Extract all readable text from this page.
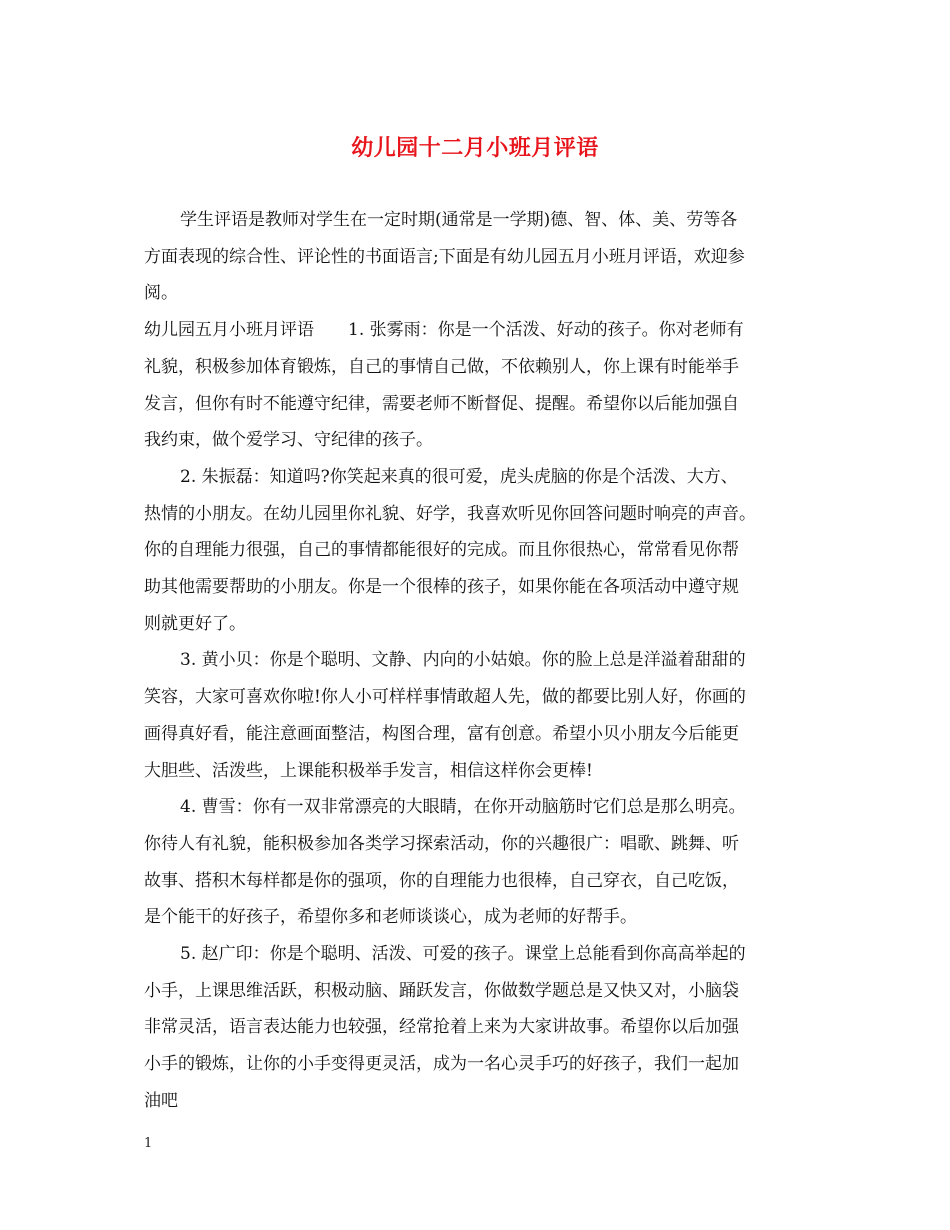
幼儿园十二月小班月评语
学生评语是教师对学生在一定时期(通常是一学期)德、智、体、美、劳等各
方面表现的综合性、评论性的书面语言;下面是有幼儿园五月小班月评语，欢迎参
阅。
幼儿园五月小班月评语　　1. 张雾雨：你是一个活泼、好动的孩子。你对老师有
礼貌，积极参加体育锻炼，自己的事情自己做，不依赖别人，你上课有时能举手
发言，但你有时不能遵守纪律，需要老师不断督促、提醒。希望你以后能加强自
我约束，做个爱学习、守纪律的孩子。
2. 朱振磊：知道吗?你笑起来真的很可爱，虎头虎脑的你是个活泼、大方、
热情的小朋友。在幼儿园里你礼貌、好学，我喜欢听见你回答问题时响亮的声音。
你的自理能力很强，自己的事情都能很好的完成。而且你很热心，常常看见你帮
助其他需要帮助的小朋友。你是一个很棒的孩子，如果你能在各项活动中遵守规
则就更好了。
3. 黄小贝：你是个聪明、文静、内向的小姑娘。你的脸上总是洋溢着甜甜的
笑容，大家可喜欢你啦!你人小可样样事情敢超人先，做的都要比别人好，你画的
画得真好看，能注意画面整洁，构图合理，富有创意。希望小贝小朋友今后能更
大胆些、活泼些，上课能积极举手发言，相信这样你会更棒!
4. 曹雪：你有一双非常漂亮的大眼睛，在你开动脑筋时它们总是那么明亮。
你待人有礼貌，能积极参加各类学习探索活动，你的兴趣很广：唱歌、跳舞、听
故事、搭积木每样都是你的强项，你的自理能力也很棒，自己穿衣，自己吃饭，
是个能干的好孩子，希望你多和老师谈谈心，成为老师的好帮手。
5. 赵广印：你是个聪明、活泼、可爱的孩子。课堂上总能看到你高高举起的
小手，上课思维活跃，积极动脑、踊跃发言，你做数学题总是又快又对，小脑袋
非常灵活，语言表达能力也较强，经常抢着上来为大家讲故事。希望你以后加强
小手的锻炼，让你的小手变得更灵活，成为一名心灵手巧的好孩子，我们一起加
油吧
1
